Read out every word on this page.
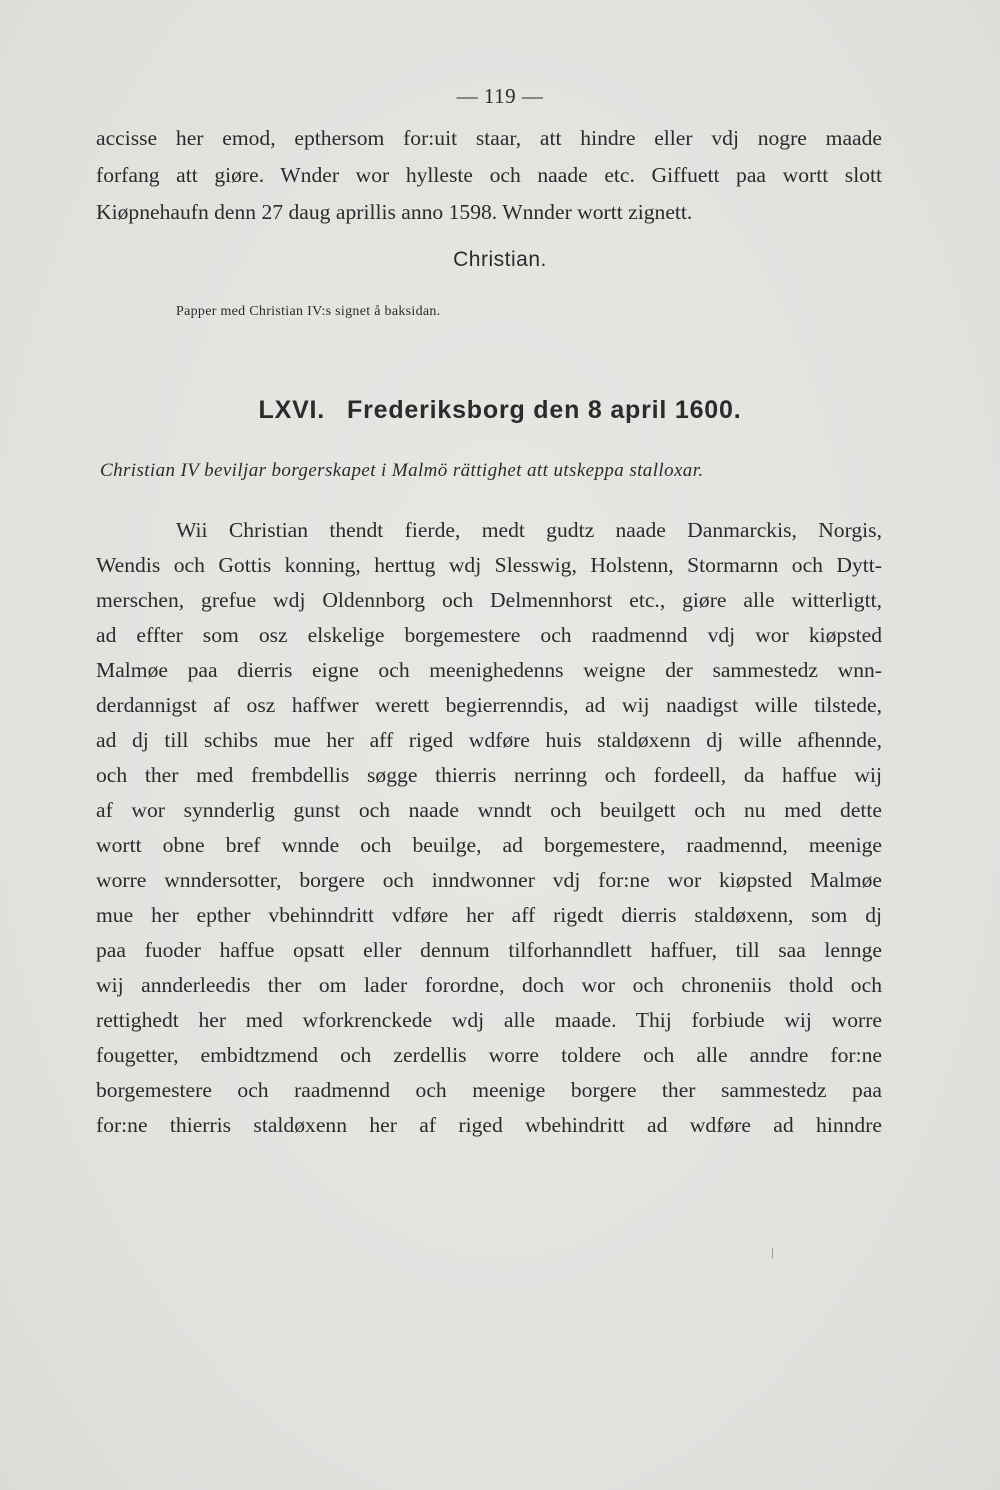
— 119 —
accisse her emod, epthersom for:uit staar, att hindre eller vdj nogre maade
forfang att giøre. Wnder wor hylleste och naade etc. Giffuett paa wortt slott
Kiøpnehaufn denn 27 daug aprillis anno 1598. Wnnder wortt zignett.
Christian.
Papper med Christian IV:s signet å baksidan.
LXVI. Frederiksborg den 8 april 1600.
Christian IV beviljar borgerskapet i Malmö rättighet att utskeppa stalloxar.
Wii Christian thendt fierde, medt gudtz naade Danmarckis, Norgis,
Wendis och Gottis konning, herttug wdj Slesswig, Holstenn, Stormarnn och Dytt-
merschen, grefue wdj Oldennborg och Delmennhorst etc., giøre alle witterligtt,
ad effter som osz elskelige borgemestere och raadmennd vdj wor kiøpsted
Malmøe paa dierris eigne och meenighedenns weigne der sammestedz wnn-
derdannigst af osz haffwer werett begierrenndis, ad wij naadigst wille tilstede,
ad dj till schibs mue her aff riged wdføre huis staldøxenn dj wille afhennde,
och ther med frembdellis søgge thierris nerrinng och fordeell, da haffue wij
af wor synnderlig gunst och naade wnndt och beuilgett och nu med dette
wortt obne bref wnnde och beuilge, ad borgemestere, raadmennd, meenige
worre wnndersotter, borgere och inndwonner vdj for:ne wor kiøpsted Malmøe
mue her epther vbehinndritt vdføre her aff rigedt dierris staldøxenn, som dj
paa fuoder haffue opsatt eller dennum tilforhanndlett haffuer, till saa lennge
wij annderleedis ther om lader forordne, doch wor och chroneniis thold och
rettighedt her med wforkrenckede wdj alle maade. Thij forbiude wij worre
fougetter, embidtzmend och zerdellis worre toldere och alle anndre for:ne
borgemestere och raadmennd och meenige borgere ther sammestedz paa
for:ne thierris staldøxenn her af riged wbehindritt ad wdføre ad hinndre
